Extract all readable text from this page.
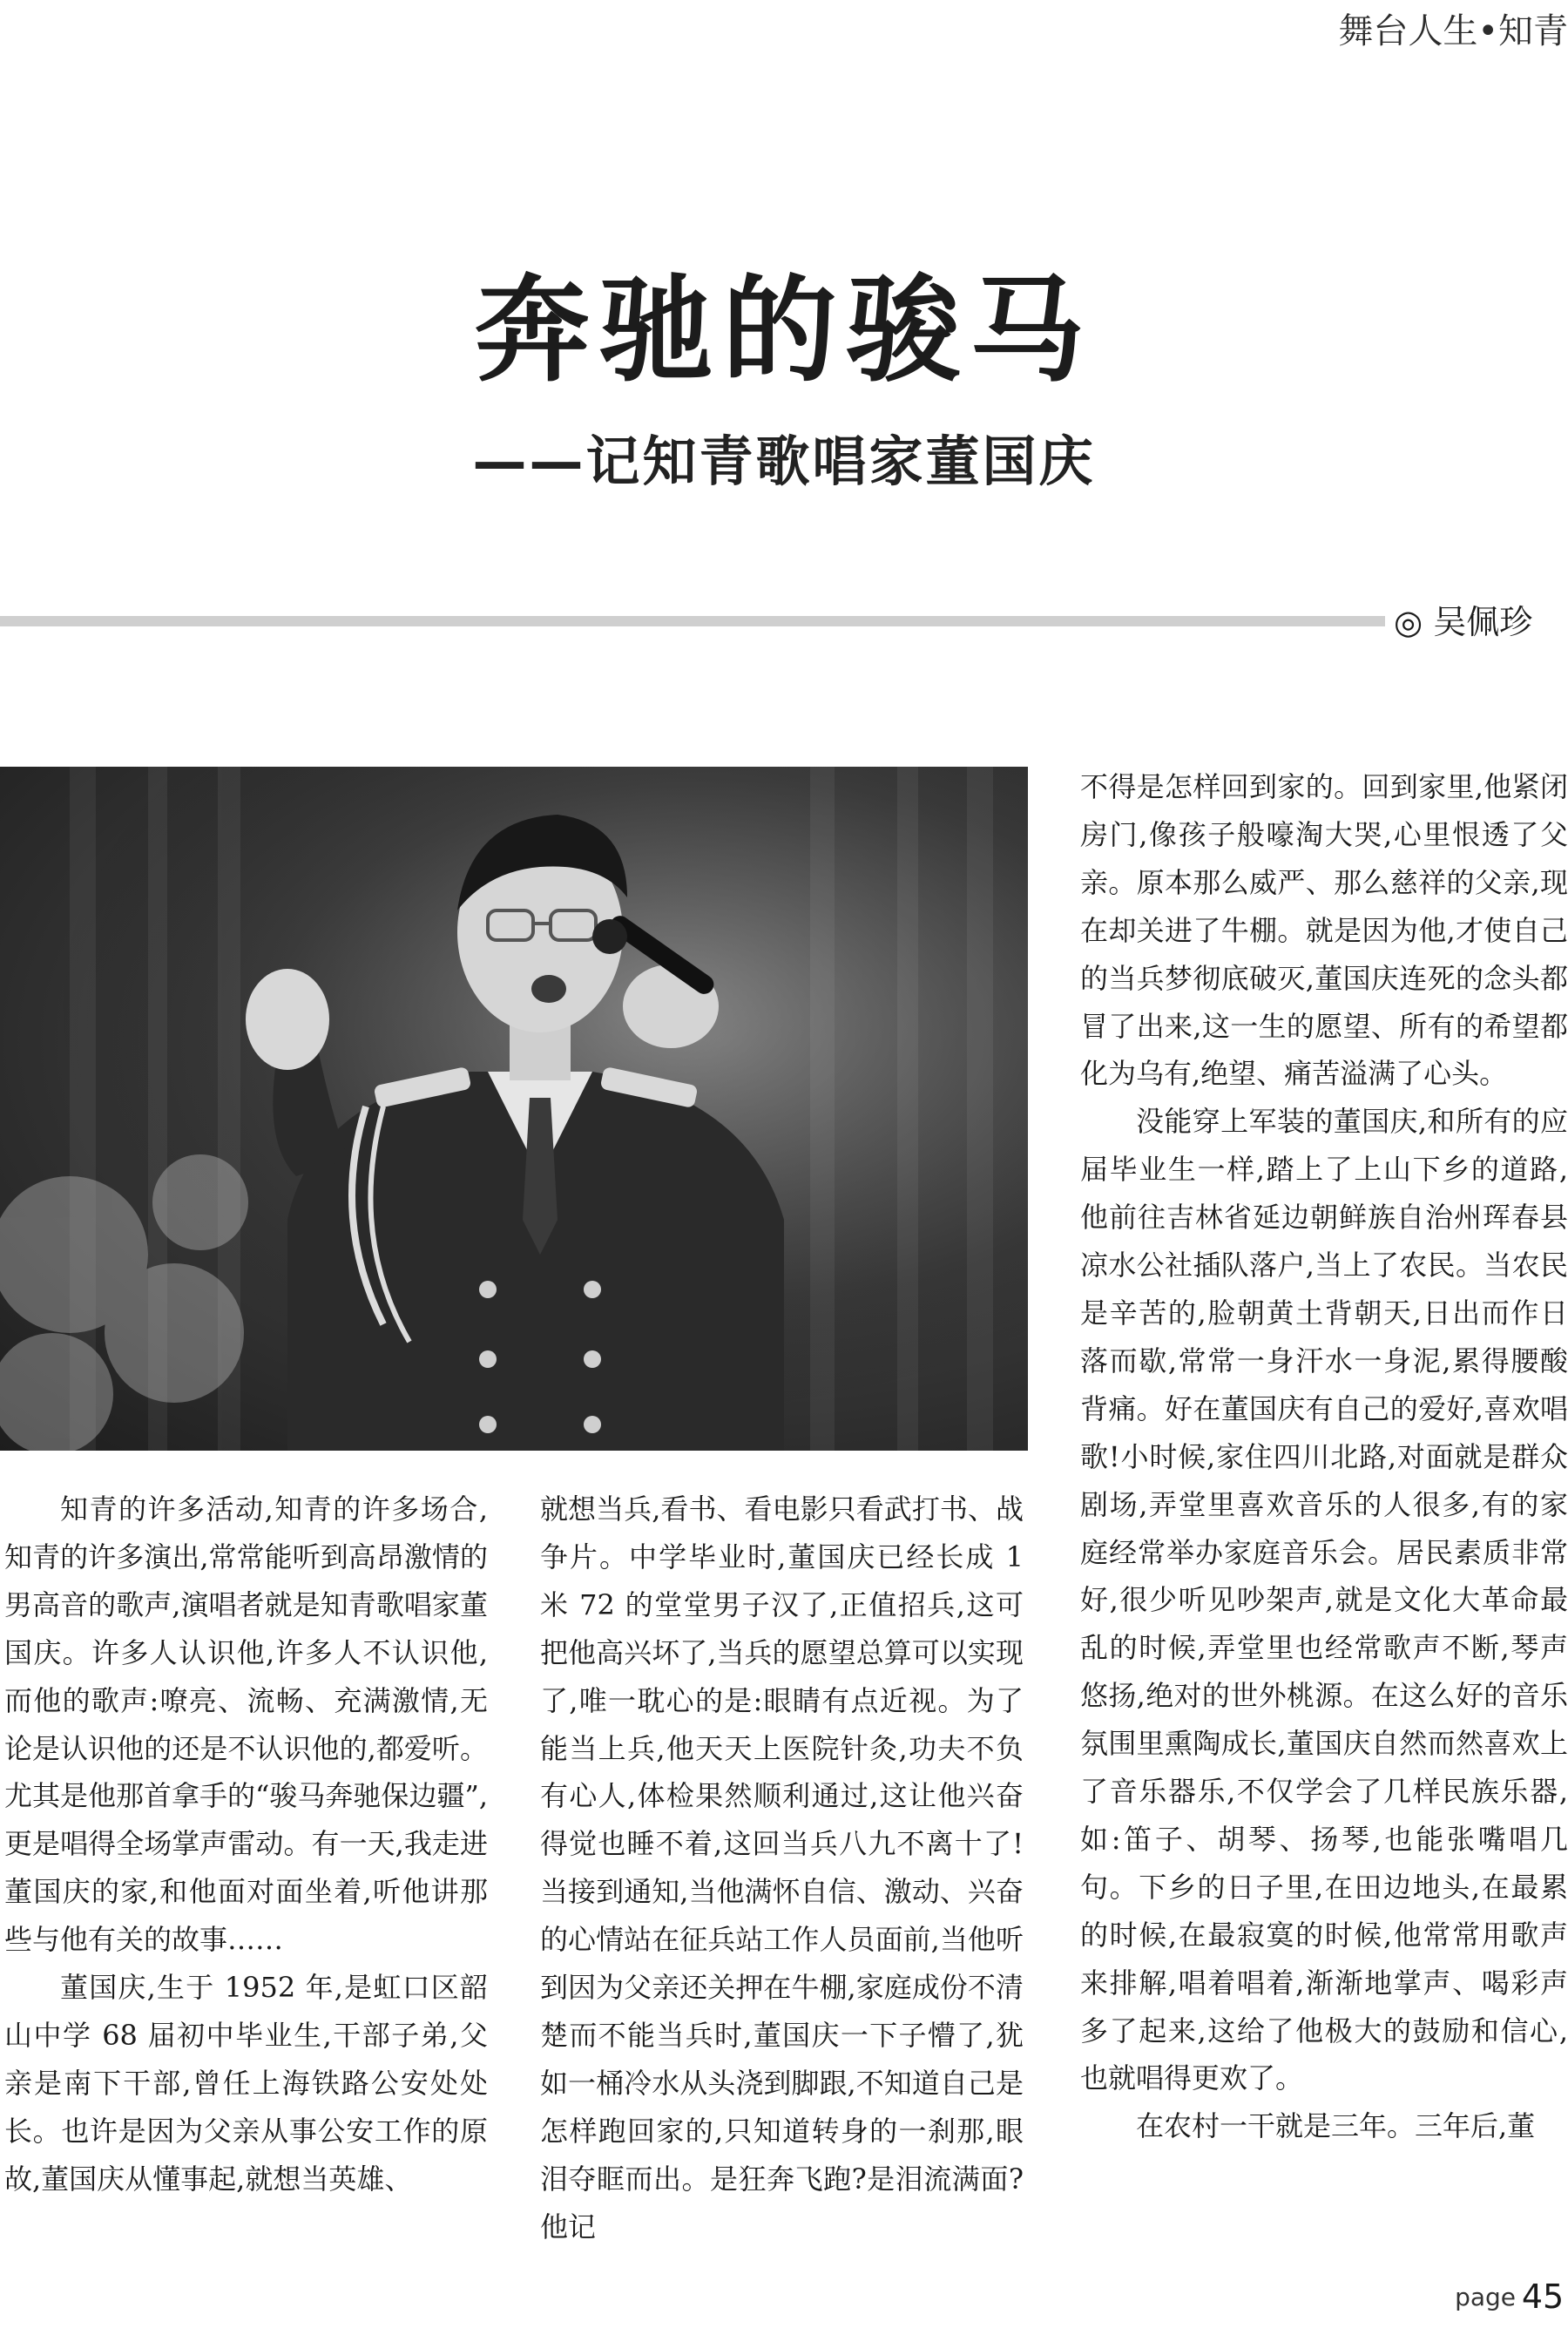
舞台人生•知青
奔驰的骏马
——记知青歌唱家董国庆
◎ 吴佩珍

知青的许多活动,知青的许多场合,知青的许多演出,常常能听到高昂激情的男高音的歌声,演唱者就是知青歌唱家董国庆。许多人认识他,许多人不认识他,而他的歌声:嘹亮、流畅、充满激情,无论是认识他的还是不认识他的,都爱听。尤其是他那首拿手的“骏马奔驰保边疆”,更是唱得全场掌声雷动。有一天,我走进董国庆的家,和他面对面坐着,听他讲那些与他有关的故事……

董国庆,生于 1952 年,是虹口区韶山中学 68 届初中毕业生,干部子弟,父亲是南下干部,曾任上海铁路公安处处长。也许是因为父亲从事公安工作的原故,董国庆从懂事起,就想当英雄、

就想当兵,看书、看电影只看武打书、战争片。中学毕业时,董国庆已经长成 1 米 72 的堂堂男子汉了,正值招兵,这可把他高兴坏了,当兵的愿望总算可以实现了,唯一耽心的是:眼睛有点近视。为了能当上兵,他天天上医院针灸,功夫不负有心人,体检果然顺利通过,这让他兴奋得觉也睡不着,这回当兵八九不离十了!当接到通知,当他满怀自信、激动、兴奋的心情站在征兵站工作人员面前,当他听到因为父亲还关押在牛棚,家庭成份不清楚而不能当兵时,董国庆一下子懵了,犹如一桶冷水从头浇到脚跟,不知道自己是怎样跑回家的,只知道转身的一刹那,眼泪夺眶而出。是狂奔飞跑?是泪流满面?他记

不得是怎样回到家的。回到家里,他紧闭房门,像孩子般嚎淘大哭,心里恨透了父亲。原本那么威严、那么慈祥的父亲,现在却关进了牛棚。就是因为他,才使自己的当兵梦彻底破灭,董国庆连死的念头都冒了出来,这一生的愿望、所有的希望都化为乌有,绝望、痛苦溢满了心头。

没能穿上军装的董国庆,和所有的应届毕业生一样,踏上了上山下乡的道路,他前往吉林省延边朝鲜族自治州珲春县凉水公社插队落户,当上了农民。当农民是辛苦的,脸朝黄土背朝天,日出而作日落而歇,常常一身汗水一身泥,累得腰酸背痛。好在董国庆有自己的爱好,喜欢唱歌!小时候,家住四川北路,对面就是群众剧场,弄堂里喜欢音乐的人很多,有的家庭经常举办家庭音乐会。居民素质非常好,很少听见吵架声,就是文化大革命最乱的时候,弄堂里也经常歌声不断,琴声悠扬,绝对的世外桃源。在这么好的音乐氛围里熏陶成长,董国庆自然而然喜欢上了音乐器乐,不仅学会了几样民族乐器,如:笛子、胡琴、扬琴,也能张嘴唱几句。下乡的日子里,在田边地头,在最累的时候,在最寂寞的时候,他常常用歌声来排解,唱着唱着,渐渐地掌声、喝彩声多了起来,这给了他极大的鼓励和信心,也就唱得更欢了。

在农村一干就是三年。三年后,董

page 45
